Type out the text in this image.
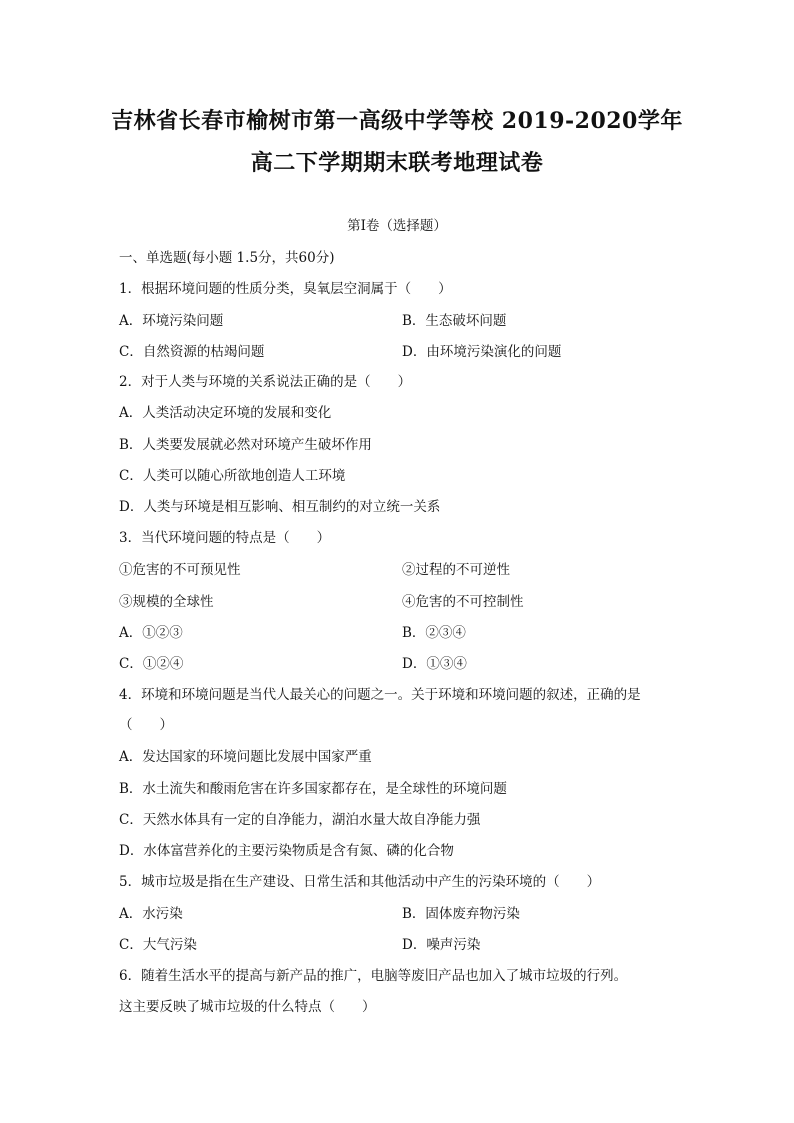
吉林省长春市榆树市第一高级中学等校 2019-2020学年
高二下学期期末联考地理试卷
第Ⅰ卷（选择题）
一、单选题(每小题 1.5分，共60分)
1．根据环境问题的性质分类，臭氧层空洞属于（　　）
A．环境污染问题	B．生态破坏问题
C．自然资源的枯竭问题	D．由环境污染演化的问题
2．对于人类与环境的关系说法正确的是（　　）
A．人类活动决定环境的发展和变化
B．人类要发展就必然对环境产生破坏作用
C．人类可以随心所欲地创造人工环境
D．人类与环境是相互影响、相互制约的对立统一关系
3．当代环境问题的特点是（　　）
①危害的不可预见性	②过程的不可逆性
③规模的全球性	④危害的不可控制性
A．①②③	B．②③④
C．①②④	D．①③④
4．环境和环境问题是当代人最关心的问题之一。关于环境和环境问题的叙述，正确的是
（　　）
A．发达国家的环境问题比发展中国家严重
B．水土流失和酸雨危害在许多国家都存在，是全球性的环境问题
C．天然水体具有一定的自净能力，湖泊水量大故自净能力强
D．水体富营养化的主要污染物质是含有氮、磷的化合物
5．城市垃圾是指在生产建设、日常生活和其他活动中产生的污染环境的（　　）
A．水污染	B．固体废弃物污染
C．大气污染	D．噪声污染
6．随着生活水平的提高与新产品的推广，电脑等废旧产品也加入了城市垃圾的行列。
这主要反映了城市垃圾的什么特点（　　）
